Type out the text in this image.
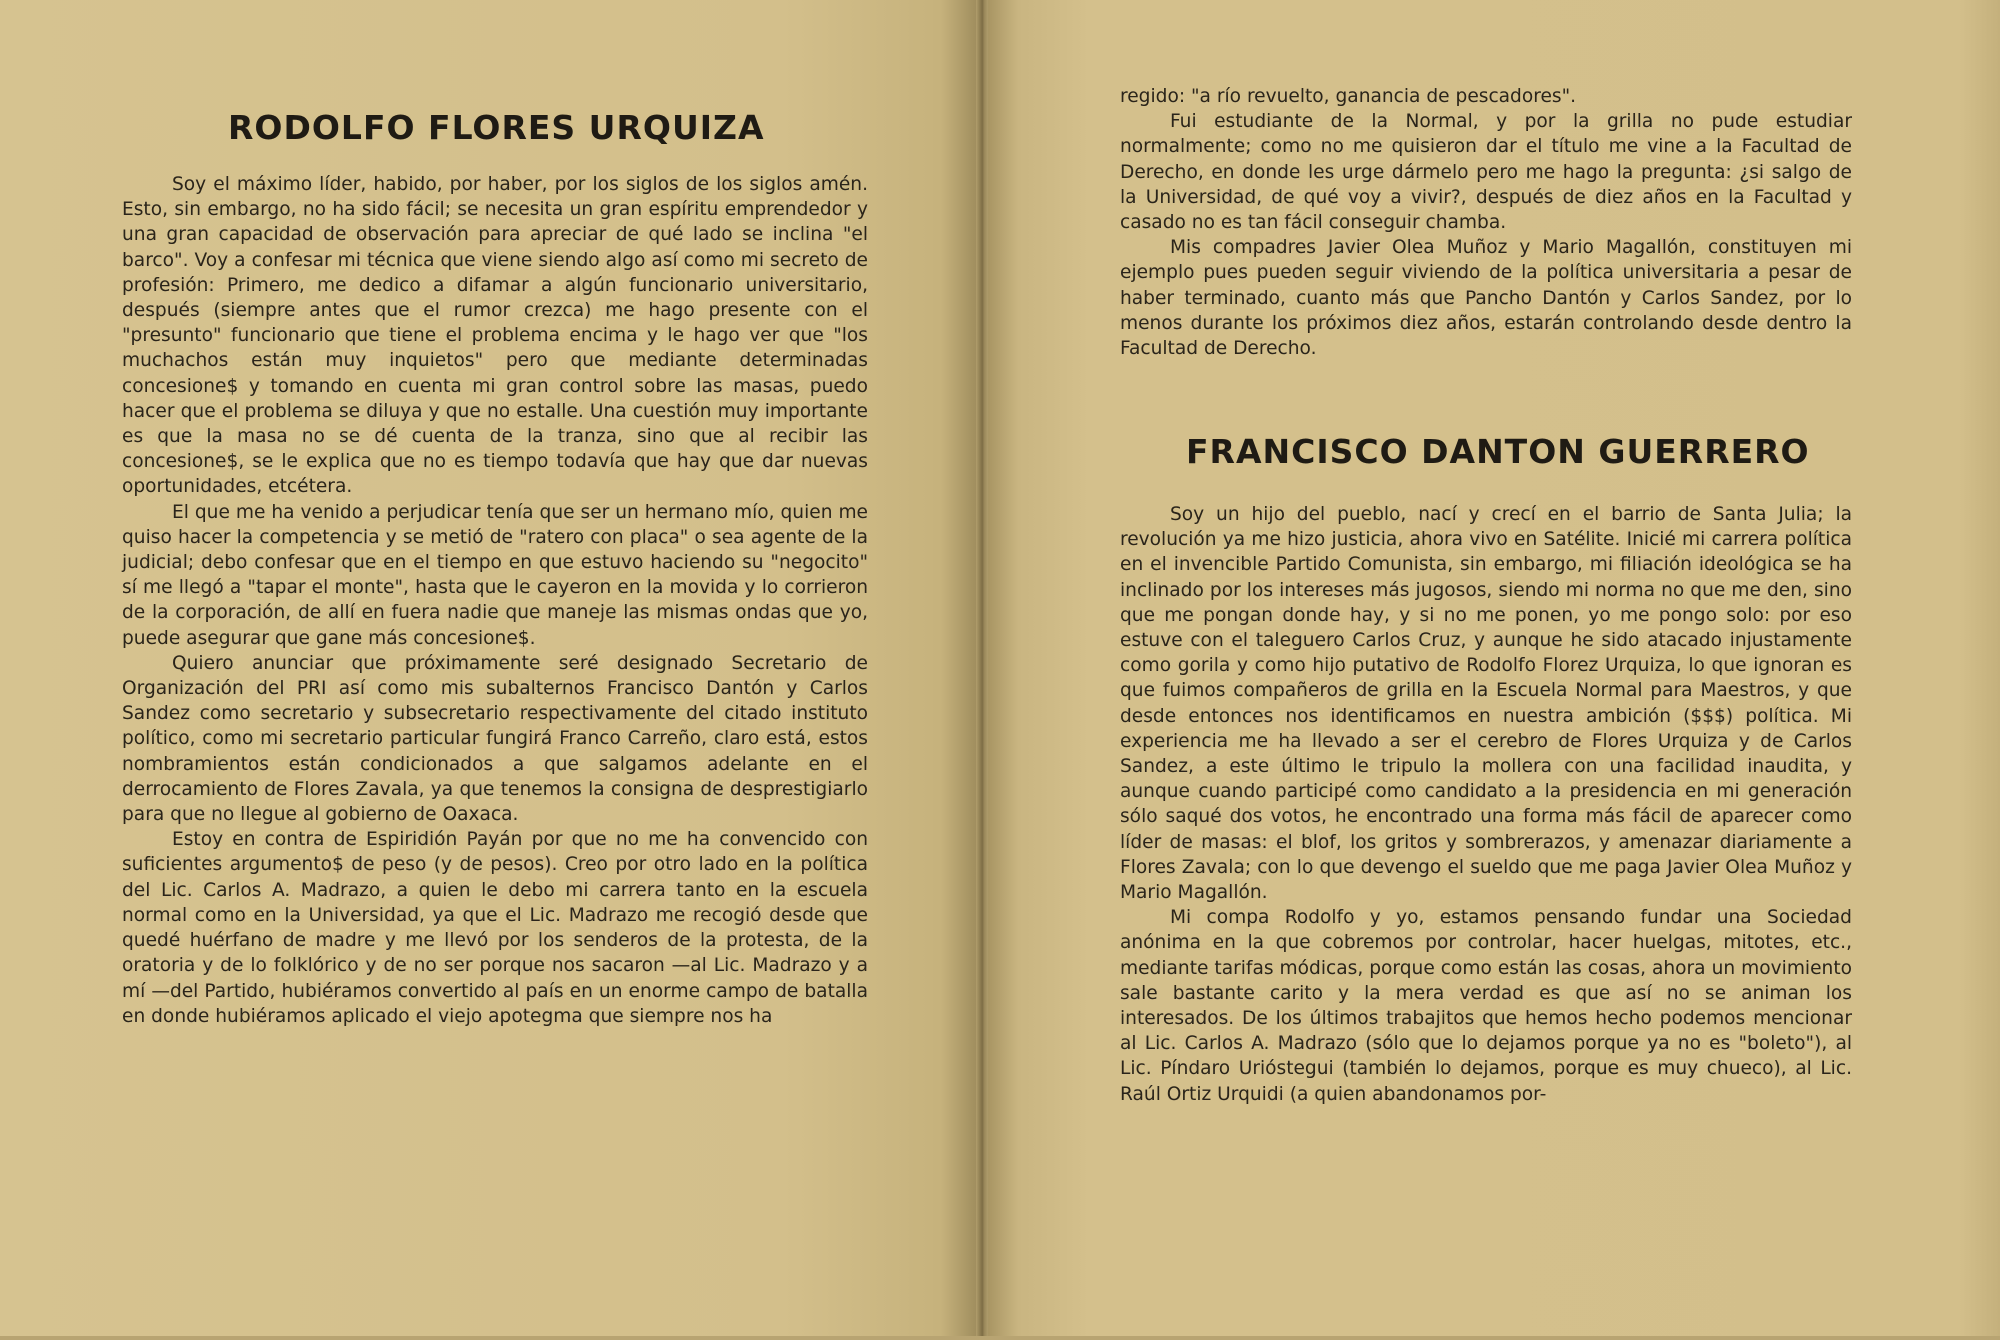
RODOLFO FLORES URQUIZA

Soy el máximo líder, habido, por haber, por los siglos de los siglos amén. Esto, sin embargo, no ha sido fácil; se necesita un gran espíritu emprendedor y una gran capacidad de observación para apreciar de qué lado se inclina "el barco". Voy a confesar mi técnica que viene siendo algo así como mi secreto de profesión: Primero, me dedico a difamar a algún funcionario universitario, después (siempre antes que el rumor crezca) me hago presente con el "presunto" funcionario que tiene el problema encima y le hago ver que "los muchachos están muy inquietos" pero que mediante determinadas concesione$ y tomando en cuenta mi gran control sobre las masas, puedo hacer que el problema se diluya y que no estalle. Una cuestión muy importante es que la masa no se dé cuenta de la tranza, sino que al recibir las concesione$, se le explica que no es tiempo todavía que hay que dar nuevas oportunidades, etcétera.

El que me ha venido a perjudicar tenía que ser un hermano mío, quien me quiso hacer la competencia y se metió de "ratero con placa" o sea agente de la judicial; debo confesar que en el tiempo en que estuvo haciendo su "negocito" sí me llegó a "tapar el monte", hasta que le cayeron en la movida y lo corrieron de la corporación, de allí en fuera nadie que maneje las mismas ondas que yo, puede asegurar que gane más concesione$.

Quiero anunciar que próximamente seré designado Secretario de Organización del PRI así como mis subalternos Francisco Dantón y Carlos Sandez como secretario y subsecretario respectivamente del citado instituto político, como mi secretario particular fungirá Franco Carreño, claro está, estos nombramientos están condicionados a que salgamos adelante en el derrocamiento de Flores Zavala, ya que tenemos la consigna de desprestigiarlo para que no llegue al gobierno de Oaxaca.

Estoy en contra de Espiridión Payán por que no me ha convencido con suficientes argumento$ de peso (y de pesos). Creo por otro lado en la política del Lic. Carlos A. Madrazo, a quien le debo mi carrera tanto en la escuela normal como en la Universidad, ya que el Lic. Madrazo me recogió desde que quedé huérfano de madre y me llevó por los senderos de la protesta, de la oratoria y de lo folklórico y de no ser porque nos sacaron —al Lic. Madrazo y a mí —del Partido, hubiéramos convertido al país en un enorme campo de batalla en donde hubiéramos aplicado el viejo apotegma que siempre nos ha

regido: "a río revuelto, ganancia de pescadores".

Fui estudiante de la Normal, y por la grilla no pude estudiar normalmente; como no me quisieron dar el título me vine a la Facultad de Derecho, en donde les urge dármelo pero me hago la pregunta: ¿si salgo de la Universidad, de qué voy a vivir?, después de diez años en la Facultad y casado no es tan fácil conseguir chamba.

Mis compadres Javier Olea Muñoz y Mario Magallón, constituyen mi ejemplo pues pueden seguir viviendo de la política universitaria a pesar de haber terminado, cuanto más que Pancho Dantón y Carlos Sandez, por lo menos durante los próximos diez años, estarán controlando desde dentro la Facultad de Derecho.

FRANCISCO DANTON GUERRERO

Soy un hijo del pueblo, nací y crecí en el barrio de Santa Julia; la revolución ya me hizo justicia, ahora vivo en Satélite. Inicié mi carrera política en el invencible Partido Comunista, sin embargo, mi filiación ideológica se ha inclinado por los intereses más jugosos, siendo mi norma no que me den, sino que me pongan donde hay, y si no me ponen, yo me pongo solo: por eso estuve con el taleguero Carlos Cruz, y aunque he sido atacado injustamente como gorila y como hijo putativo de Rodolfo Florez Urquiza, lo que ignoran es que fuimos compañeros de grilla en la Escuela Normal para Maestros, y que desde entonces nos identificamos en nuestra ambición ($$$) política. Mi experiencia me ha llevado a ser el cerebro de Flores Urquiza y de Carlos Sandez, a este último le tripulo la mollera con una facilidad inaudita, y aunque cuando participé como candidato a la presidencia en mi generación sólo saqué dos votos, he encontrado una forma más fácil de aparecer como líder de masas: el blof, los gritos y sombrerazos, y amenazar diariamente a Flores Zavala; con lo que devengo el sueldo que me paga Javier Olea Muñoz y Mario Magallón.

Mi compa Rodolfo y yo, estamos pensando fundar una Sociedad anónima en la que cobremos por controlar, hacer huelgas, mitotes, etc., mediante tarifas módicas, porque como están las cosas, ahora un movimiento sale bastante carito y la mera verdad es que así no se animan los interesados. De los últimos trabajitos que hemos hecho podemos mencionar al Lic. Carlos A. Madrazo (sólo que lo dejamos porque ya no es "boleto"), al Lic. Píndaro Urióstegui (también lo dejamos, porque es muy chueco), al Lic. Raúl Ortiz Urquidi (a quien abandonamos por-
